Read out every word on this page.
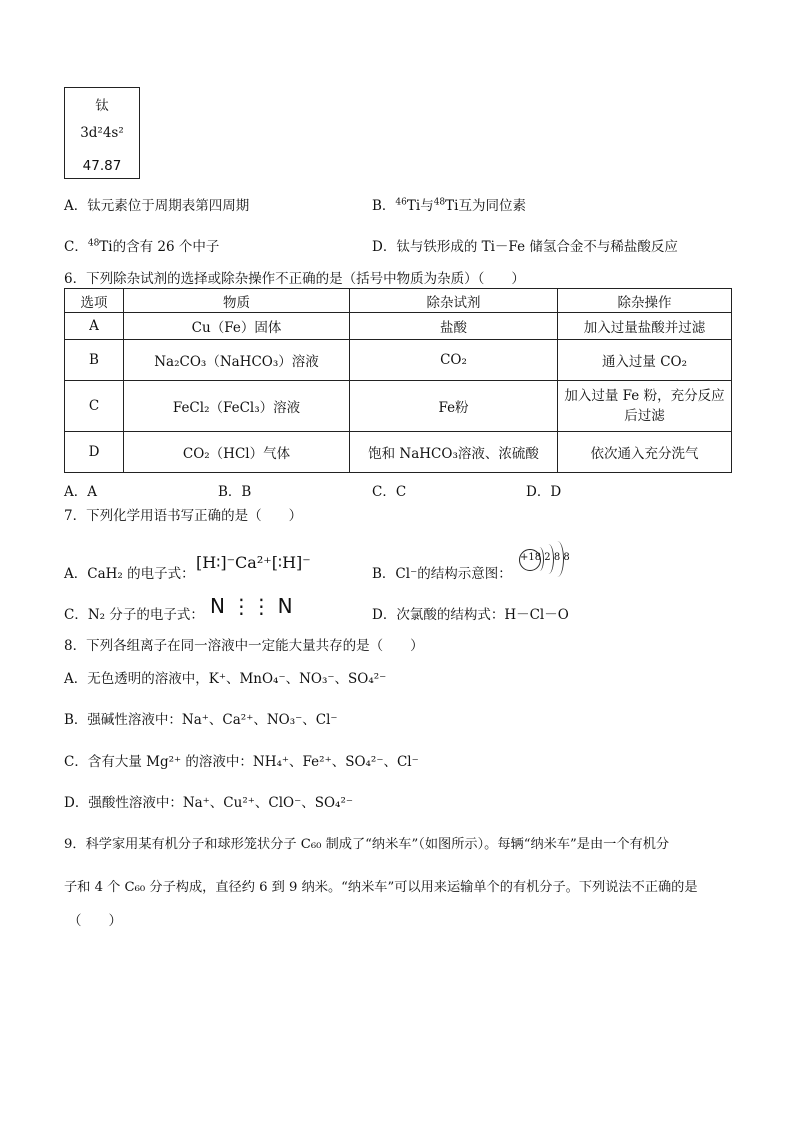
钛
3d²4s²
47.87
A．钛元素位于周期表第四周期	B．$^{46}$Ti与$^{48}$Ti互为同位素
C．$^{48}$Ti的含有 26 个中子	D．钛与铁形成的 Ti－Fe 储氢合金不与稀盐酸反应
6．下列除杂试剂的选择或除杂操作不正确的是（括号中物质为杂质）（　　）
选项	物质	除杂试剂	除杂操作
A	Cu（Fe）固体	盐酸	加入过量盐酸并过滤
B	Na₂CO₃（NaHCO₃）溶液	CO₂	通入过量 CO₂
C	FeCl₂（FeCl₃）溶液	Fe粉	加入过量 Fe 粉，充分反应后过滤
D	CO₂（HCl）气体	饱和 NaHCO₃溶液、浓硫酸	依次通入充分洗气
A．A	B．B	C．C	D．D
7．下列化学用语书写正确的是（　　）
A．CaH₂ 的电子式：
[H∶]⁻Ca²⁺[∶H]⁻
B．Cl⁻的结构示意图：
+18 2 8 8
C．N₂ 分子的电子式： N ⋮⋮ N	D．次氯酸的结构式：H－Cl－O
8．下列各组离子在同一溶液中一定能大量共存的是（　　）
A．无色透明的溶液中，K⁺、MnO₄⁻、NO₃⁻、SO₄²⁻
B．强碱性溶液中：Na⁺、Ca²⁺、NO₃⁻、Cl⁻
C．含有大量 Mg²⁺ 的溶液中：NH₄⁺、Fe²⁺、SO₄²⁻、Cl⁻
D．强酸性溶液中：Na⁺、Cu²⁺、ClO⁻、SO₄²⁻
9．科学家用某有机分子和球形笼状分子 C₆₀ 制成了“纳米车”（如图所示）。每辆“纳米车”是由一个有机分
子和 4 个 C₆₀ 分子构成，直径约 6 到 9 纳米。“纳米车”可以用来运输单个的有机分子。下列说法不正确的是
（　　）
